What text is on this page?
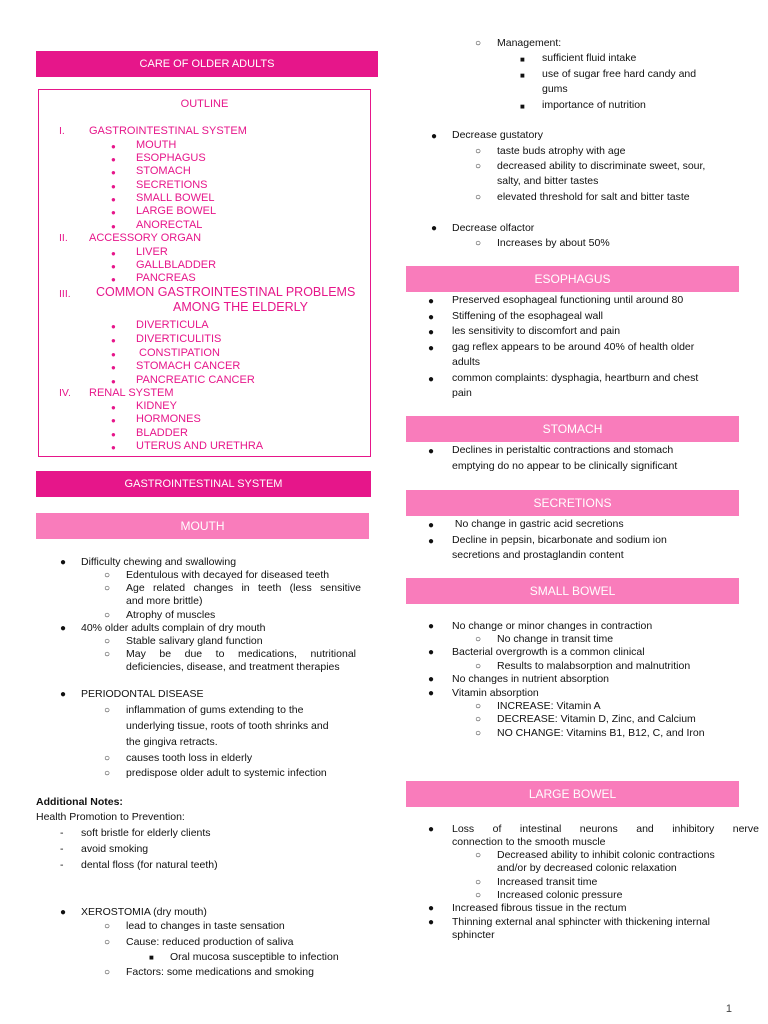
CARE OF OLDER ADULTS
OUTLINE
I. GASTROINTESTINAL SYSTEM
● MOUTH
● ESOPHAGUS
● STOMACH
● SECRETIONS
● SMALL BOWEL
● LARGE BOWEL
● ANORECTAL
II. ACCESSORY ORGAN
● LIVER
● GALLBLADDER
● PANCREAS
III. COMMON GASTROINTESTINAL PROBLEMS
AMONG THE ELDERLY
● DIVERTICULA
● DIVERTICULITIS
● CONSTIPATION
● STOMACH CANCER
● PANCREATIC CANCER
IV. RENAL SYSTEM
● KIDNEY
● HORMONES
● BLADDER
● UTERUS AND URETHRA
GASTROINTESTINAL SYSTEM
MOUTH
● Difficulty chewing and swallowing
○ Edentulous with decayed for diseased teeth
○ Age related changes in teeth (less sensitive
and more brittle)
○ Atrophy of muscles
● 40% older adults complain of dry mouth
○ Stable salivary gland function
○ May be due to medications, nutritional
deficiencies, disease, and treatment therapies
● PERIODONTAL DISEASE
○ inflammation of gums extending to the
underlying tissue, roots of tooth shrinks and
the gingiva retracts.
○ causes tooth loss in elderly
○ predispose older adult to systemic infection
Additional Notes:
Health Promotion to Prevention:
- soft bristle for elderly clients
- avoid smoking
- dental floss (for natural teeth)
● XEROSTOMIA (dry mouth)
○ lead to changes in taste sensation
○ Cause: reduced production of saliva
■ Oral mucosa susceptible to infection
○ Factors: some medications and smoking
○ Management:
■ sufficient fluid intake
■ use of sugar free hard candy and
gums
■ importance of nutrition
● Decrease gustatory
○ taste buds atrophy with age
○ decreased ability to discriminate sweet, sour,
salty, and bitter tastes
○ elevated threshold for salt and bitter taste
● Decrease olfactor
○ Increases by about 50%
ESOPHAGUS
● Preserved esophageal functioning until around 80
● Stiffening of the esophageal wall
● les sensitivity to discomfort and pain
● gag reflex appears to be around 40% of health older
adults
● common complaints: dysphagia, heartburn and chest
pain
STOMACH
● Declines in peristaltic contractions and stomach
emptying do no appear to be clinically significant
SECRETIONS
● No change in gastric acid secretions
● Decline in pepsin, bicarbonate and sodium ion
secretions and prostaglandin content
SMALL BOWEL
● No change or minor changes in contraction
○ No change in transit time
● Bacterial overgrowth is a common clinical
○ Results to malabsorption and malnutrition
● No changes in nutrient absorption
● Vitamin absorption
○ INCREASE: Vitamin A
○ DECREASE: Vitamin D, Zinc, and Calcium
○ NO CHANGE: Vitamins B1, B12, C, and Iron
LARGE BOWEL
● Loss of intestinal neurons and inhibitory nerve
connection to the smooth muscle
○ Decreased ability to inhibit colonic contractions
and/or by decreased colonic relaxation
○ Increased transit time
○ Increased colonic pressure
● Increased fibrous tissue in the rectum
● Thinning external anal sphincter with thickening internal
sphincter
1
